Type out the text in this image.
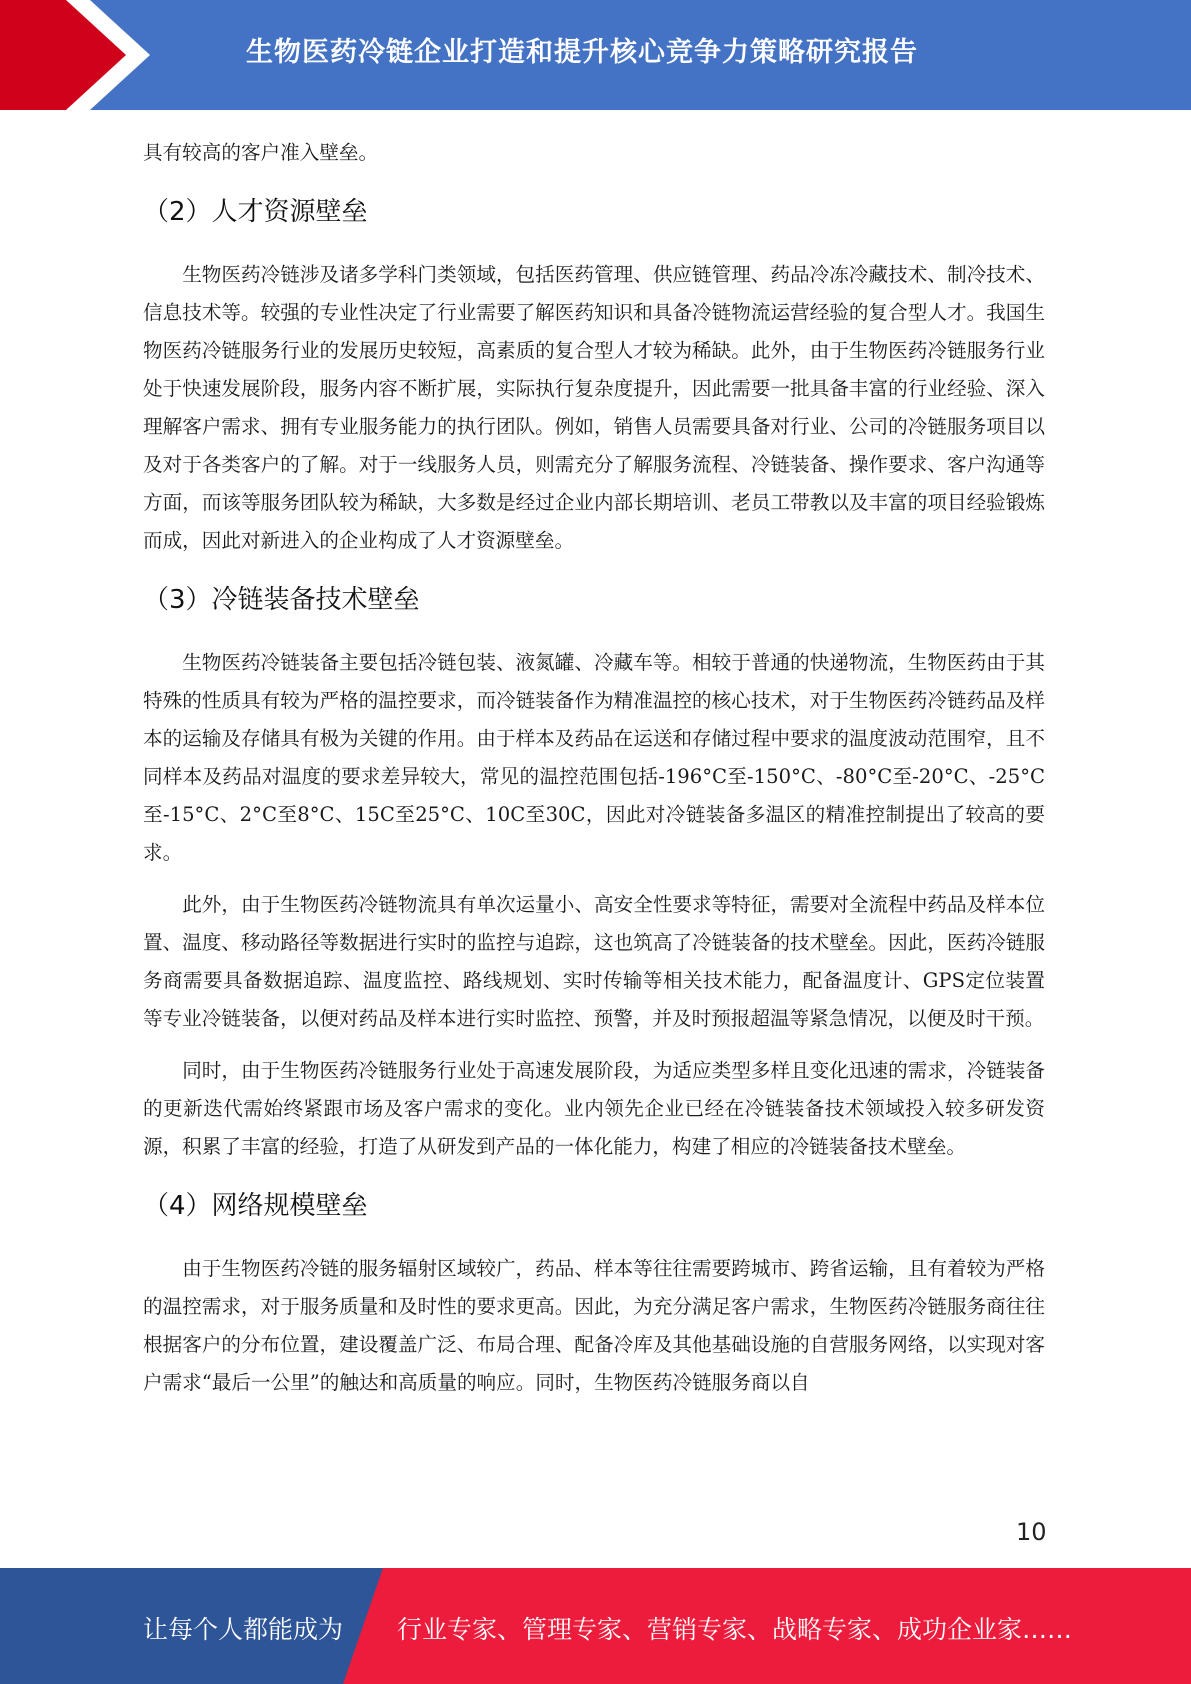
生物医药冷链企业打造和提升核心竞争力策略研究报告

具有较高的客户准入壁垒。

（2）人才资源壁垒

生物医药冷链涉及诸多学科门类领域，包括医药管理、供应链管理、药品冷冻冷藏技术、制冷技术、信息技术等。较强的专业性决定了行业需要了解医药知识和具备冷链物流运营经验的复合型人才。我国生物医药冷链服务行业的发展历史较短，高素质的复合型人才较为稀缺。此外，由于生物医药冷链服务行业处于快速发展阶段，服务内容不断扩展，实际执行复杂度提升，因此需要一批具备丰富的行业经验、深入理解客户需求、拥有专业服务能力的执行团队。例如，销售人员需要具备对行业、公司的冷链服务项目以及对于各类客户的了解。对于一线服务人员，则需充分了解服务流程、冷链装备、操作要求、客户沟通等方面，而该等服务团队较为稀缺，大多数是经过企业内部长期培训、老员工带教以及丰富的项目经验锻炼而成，因此对新进入的企业构成了人才资源壁垒。

（3）冷链装备技术壁垒

生物医药冷链装备主要包括冷链包装、液氮罐、冷藏车等。相较于普通的快递物流，生物医药由于其特殊的性质具有较为严格的温控要求，而冷链装备作为精准温控的核心技术，对于生物医药冷链药品及样本的运输及存储具有极为关键的作用。由于样本及药品在运送和存储过程中要求的温度波动范围窄，且不同样本及药品对温度的要求差异较大，常见的温控范围包括-196°C至-150°C、-80°C至-20°C、-25°C至-15°C、2°C至8°C、15C至25°C、10C至30C，因此对冷链装备多温区的精准控制提出了较高的要求。

此外，由于生物医药冷链物流具有单次运量小、高安全性要求等特征，需要对全流程中药品及样本位置、温度、移动路径等数据进行实时的监控与追踪，这也筑高了冷链装备的技术壁垒。因此，医药冷链服务商需要具备数据追踪、温度监控、路线规划、实时传输等相关技术能力，配备温度计、GPS定位装置等专业冷链装备，以便对药品及样本进行实时监控、预警，并及时预报超温等紧急情况，以便及时干预。

同时，由于生物医药冷链服务行业处于高速发展阶段，为适应类型多样且变化迅速的需求，冷链装备的更新迭代需始终紧跟市场及客户需求的变化。业内领先企业已经在冷链装备技术领域投入较多研发资源，积累了丰富的经验，打造了从研发到产品的一体化能力，构建了相应的冷链装备技术壁垒。

（4）网络规模壁垒

由于生物医药冷链的服务辐射区域较广，药品、样本等往往需要跨城市、跨省运输，且有着较为严格的温控需求，对于服务质量和及时性的要求更高。因此，为充分满足客户需求，生物医药冷链服务商往往根据客户的分布位置，建设覆盖广泛、布局合理、配备冷库及其他基础设施的自营服务网络，以实现对客户需求“最后一公里”的触达和高质量的响应。同时，生物医药冷链服务商以自

10
让每个人都能成为 行业专家、管理专家、营销专家、战略专家、成功企业家……
